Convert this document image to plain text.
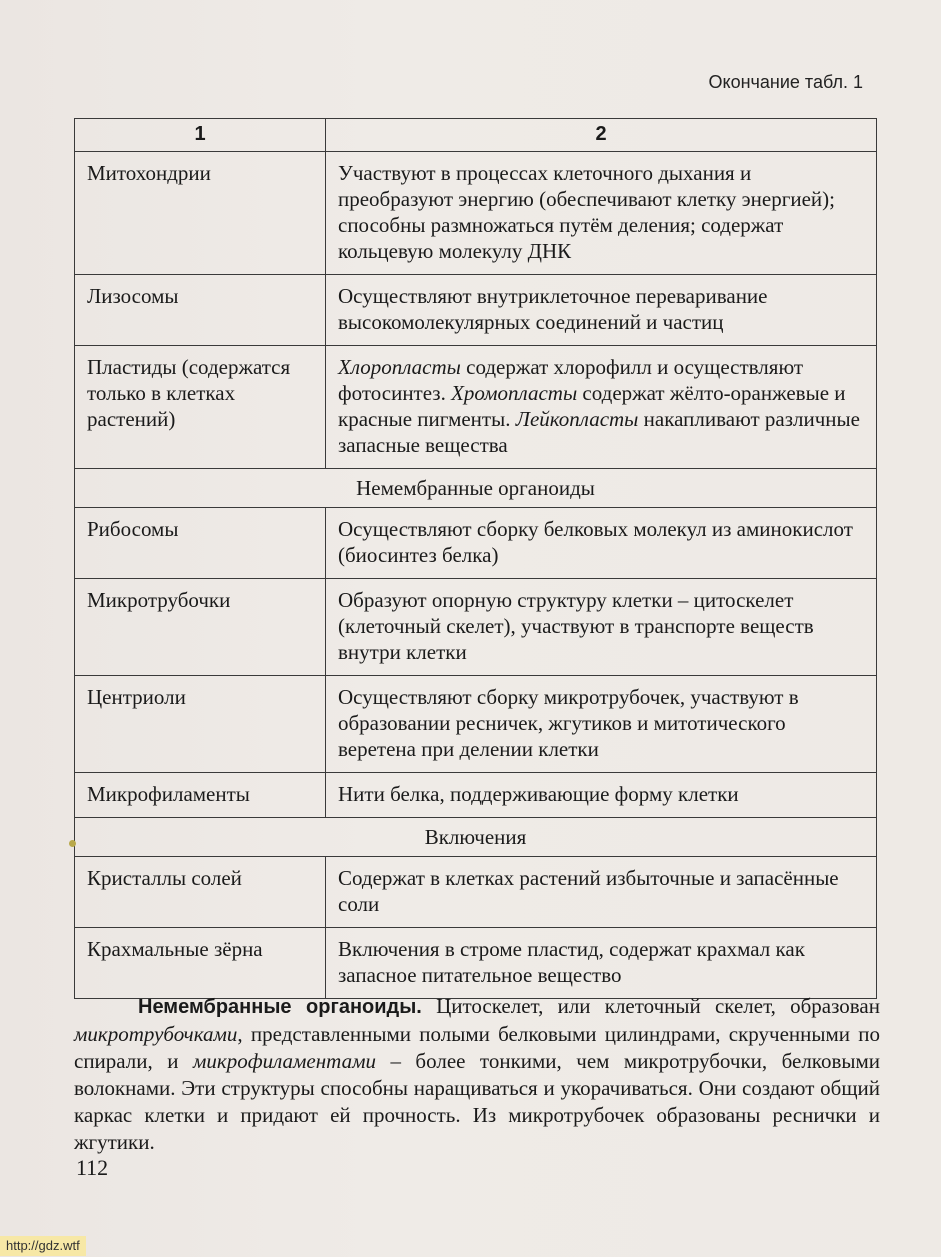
Окончание табл. 1
1	2
Митохондрии	Участвуют в процессах клеточного дыхания и преобразуют энергию (обеспечивают клетку энергией); способны размножаться путём деления; содержат кольцевую молекулу ДНК
Лизосомы	Осуществляют внутриклеточное переваривание высокомолекулярных соединений и частиц
Пластиды (содержатся только в клетках растений)	Хлоропласты содержат хлорофилл и осуществляют фотосинтез. Хромопласты содержат жёлто-оранжевые и красные пигменты. Лейкопласты накапливают различные запасные вещества
Немембранные органоиды	
Рибосомы	Осуществляют сборку белковых молекул из аминокислот (биосинтез белка)
Микротрубочки	Образуют опорную структуру клетки – цитоскелет (клеточный скелет), участвуют в транспорте веществ внутри клетки
Центриоли	Осуществляют сборку микротрубочек, участвуют в образовании ресничек, жгутиков и митотического веретена при делении клетки
Микрофиламенты	Нити белка, поддерживающие форму клетки
Включения	
Кристаллы солей	Содержат в клетках растений избыточные и запасённые соли
Крахмальные зёрна	Включения в строме пластид, содержат крахмал как запасное питательное вещество

Немембранные органоиды. Цитоскелет, или клеточный скелет, образован микротрубочками, представленными полыми белковыми цилиндрами, скрученными по спирали, и микрофиламентами – более тонкими, чем микротрубочки, белковыми волокнами. Эти структуры способны наращиваться и укорачиваться. Они создают общий каркас клетки и придают ей прочность. Из микротрубочек образованы реснички и жгутики.

112
http://gdz.wtf
